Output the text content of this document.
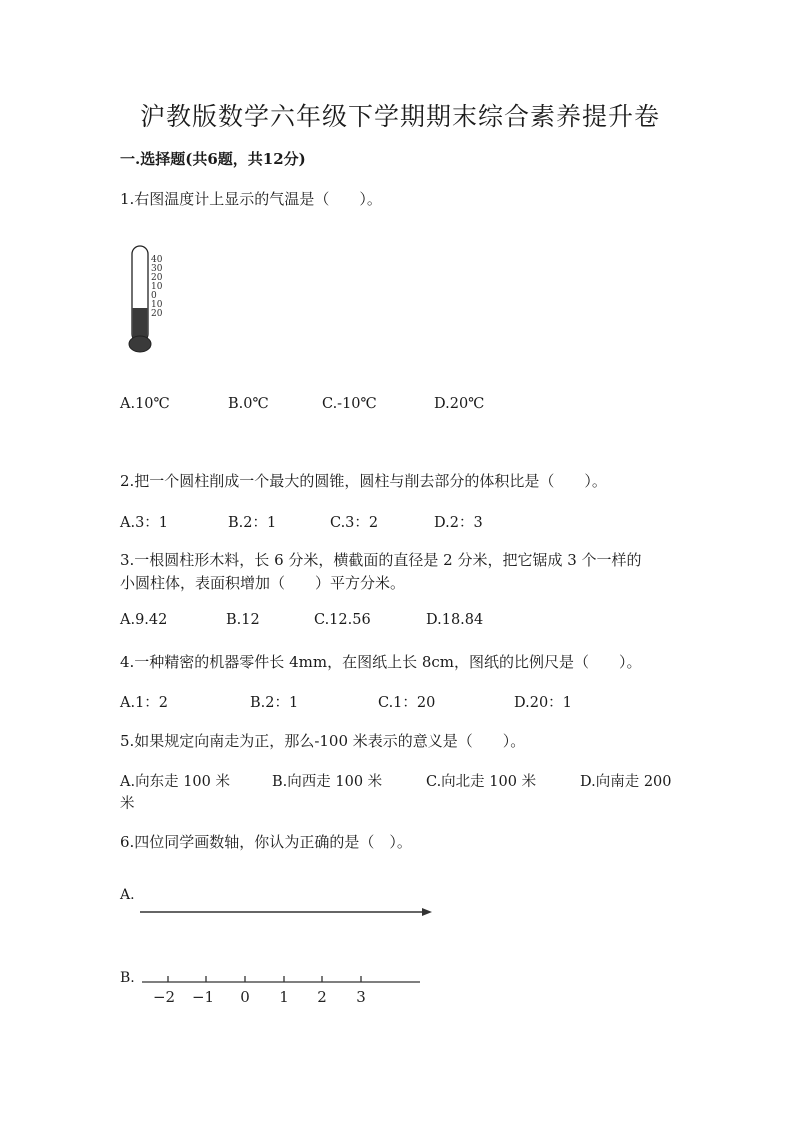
沪教版数学六年级下学期期末综合素养提升卷
一.选择题(共6题，共12分)
1.右图温度计上显示的气温是（　　）。
40
30
20
10
0
10
20
A.10℃	B.0℃	C.-10℃	D.20℃
2.把一个圆柱削成一个最大的圆锥，圆柱与削去部分的体积比是（　　）。
A.3：1	B.2：1	C.3：2	D.2：3
3.一根圆柱形木料，长 6 分米，横截面的直径是 2 分米，把它锯成 3 个一样的
小圆柱体，表面积增加（　　）平方分米。
A.9.42	B.12	C.12.56	D.18.84
4.一种精密的机器零件长 4mm，在图纸上长 8cm，图纸的比例尺是（　　）。
A.1：2	B.2：1	C.1：20	D.20：1
5.如果规定向南走为正，那么-100 米表示的意义是（　　）。
A.向东走 100 米	B.向西走 100 米	C.向北走 100 米	D.向南走 200
米
6.四位同学画数轴，你认为正确的是（　）。
A.
B.
−2 −1 0 1 2 3
